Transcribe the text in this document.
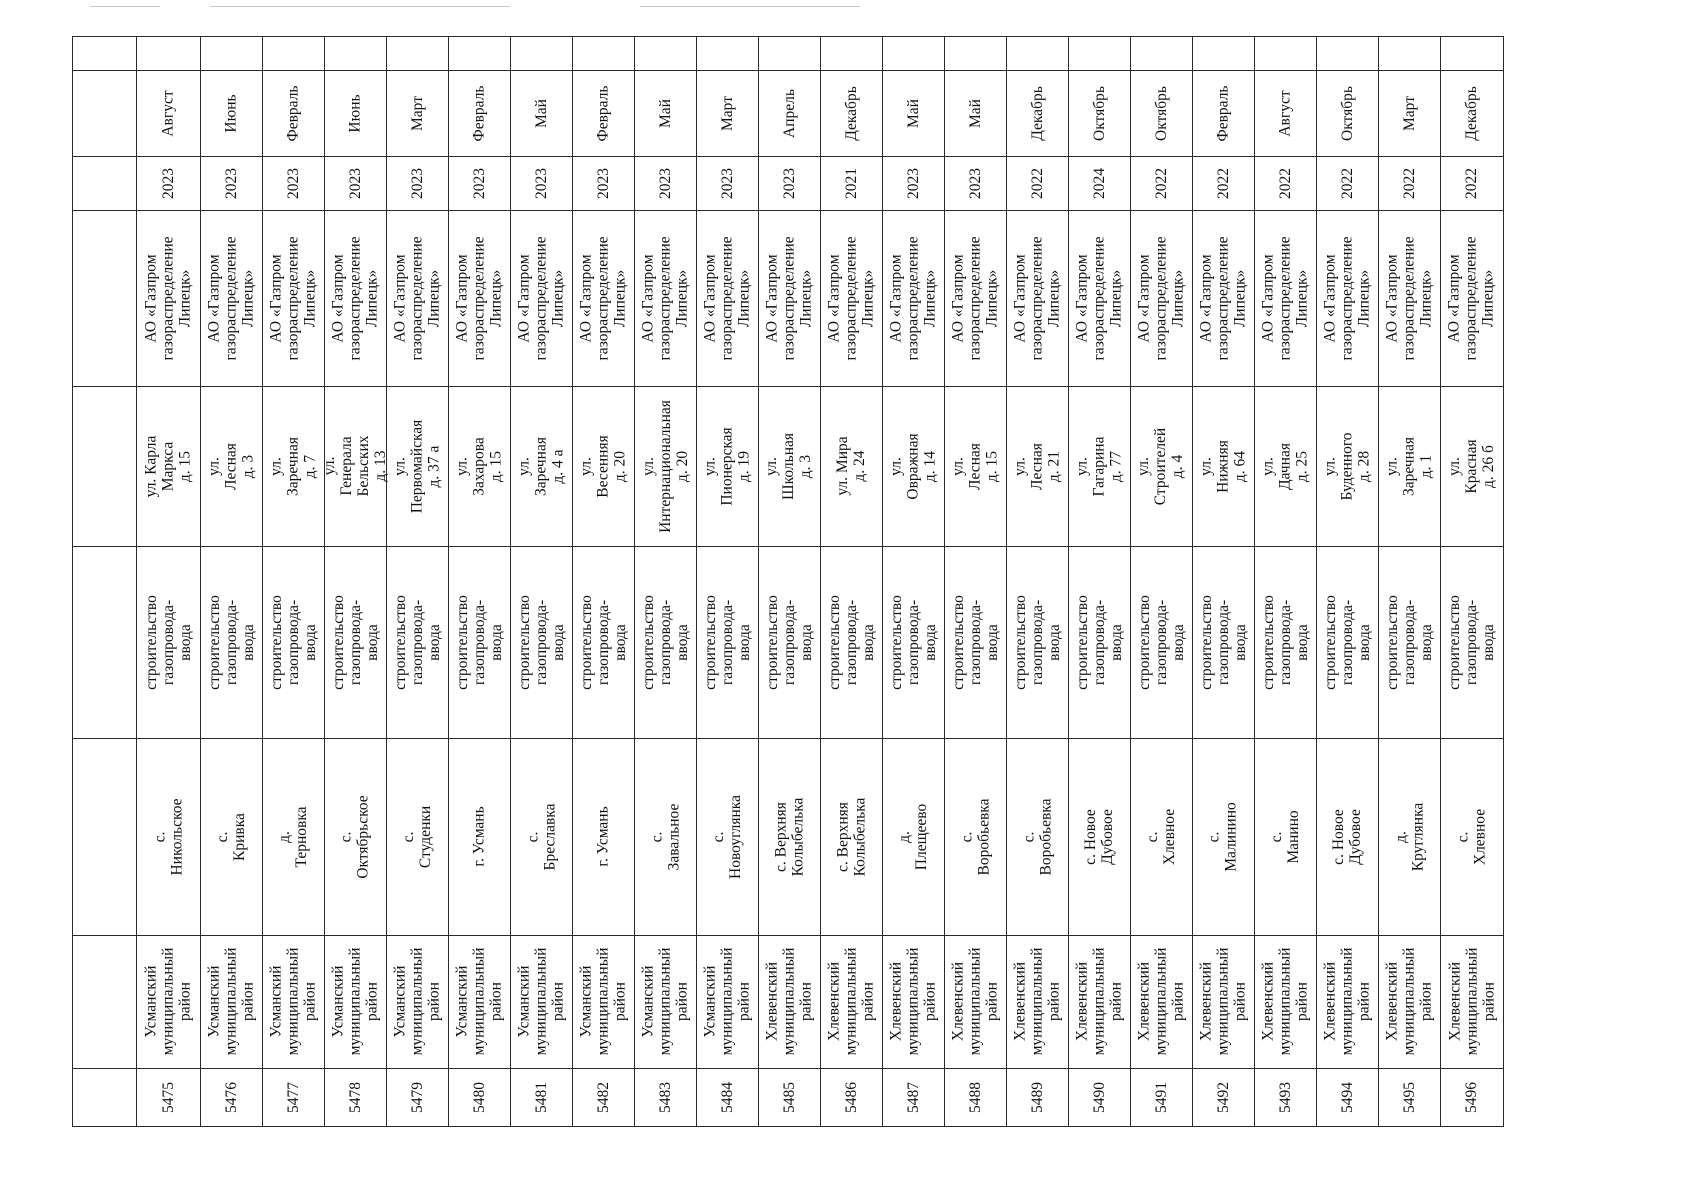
Август
2023
АО «Газпром газораспределение Липецк»
ул. Карла Маркса д. 15
строительство газопровода-ввода
с. Никольское
Усманский муниципальный район
5475
Июнь
2023
АО «Газпром газораспределение Липецк»
ул. Лесная д. 3
строительство газопровода-ввода
с. Кривка
Усманский муниципальный район
5476
Февраль
2023
АО «Газпром газораспределение Липецк»
ул. Заречная д. 7
строительство газопровода-ввода
д. Терновка
Усманский муниципальный район
5477
Июнь
2023
АО «Газпром газораспределение Липецк»
ул. Генерала Бельских д. 13
строительство газопровода-ввода
с. Октябрьское
Усманский муниципальный район
5478
Март
2023
АО «Газпром газораспределение Липецк»
ул. Первомайская д. 37 а
строительство газопровода-ввода
с. Студенки
Усманский муниципальный район
5479
Февраль
2023
АО «Газпром газораспределение Липецк»
ул. Захарова д. 15
строительство газопровода-ввода
г. Усмань
Усманский муниципальный район
5480
Май
2023
АО «Газпром газораспределение Липецк»
ул. Заречная д. 4 а
строительство газопровода-ввода
с. Бреславка
Усманский муниципальный район
5481
Февраль
2023
АО «Газпром газораспределение Липецк»
ул. Весенняя д. 20
строительство газопровода-ввода
г. Усмань
Усманский муниципальный район
5482
Май
2023
АО «Газпром газораспределение Липецк»
ул. Интернациональная д. 20
строительство газопровода-ввода
с. Завальное
Усманский муниципальный район
5483
Март
2023
АО «Газпром газораспределение Липецк»
ул. Пионерская д. 19
строительство газопровода-ввода
с. Новоуглянка
Усманский муниципальный район
5484
Апрель
2023
АО «Газпром газораспределение Липецк»
ул. Школьная д. 3
строительство газопровода-ввода
с. Верхняя Колыбелька
Хлевенский муниципальный район
5485
Декабрь
2021
АО «Газпром газораспределение Липецк»
ул. Мира д. 24
строительство газопровода-ввода
с. Верхняя Колыбелька
Хлевенский муниципальный район
5486
Май
2023
АО «Газпром газораспределение Липецк»
ул. Овражная д. 14
строительство газопровода-ввода
д. Плещеево
Хлевенский муниципальный район
5487
Май
2023
АО «Газпром газораспределение Липецк»
ул. Лесная д. 15
строительство газопровода-ввода
с. Воробьевка
Хлевенский муниципальный район
5488
Декабрь
2022
АО «Газпром газораспределение Липецк»
ул. Лесная д. 21
строительство газопровода-ввода
с. Воробьевка
Хлевенский муниципальный район
5489
Октябрь
2024
АО «Газпром газораспределение Липецк»
ул. Гагарина д. 77
строительство газопровода-ввода
с. Новое Дубовое
Хлевенский муниципальный район
5490
Октябрь
2022
АО «Газпром газораспределение Липецк»
ул. Строителей д. 4
строительство газопровода-ввода
с. Хлевное
Хлевенский муниципальный район
5491
Февраль
2022
АО «Газпром газораспределение Липецк»
ул. Нижняя д. 64
строительство газопровода-ввода
с. Малинино
Хлевенский муниципальный район
5492
Август
2022
АО «Газпром газораспределение Липецк»
ул. Дачная д. 25
строительство газопровода-ввода
с. Манино
Хлевенский муниципальный район
5493
Октябрь
2022
АО «Газпром газораспределение Липецк»
ул. Буденного д. 28
строительство газопровода-ввода
с. Новое Дубовое
Хлевенский муниципальный район
5494
Март
2022
АО «Газпром газораспределение Липецк»
ул. Заречная д. 1
строительство газопровода-ввода
д. Круглянка
Хлевенский муниципальный район
5495
Декабрь
2022
АО «Газпром газораспределение Липецк»
ул. Красная д. 26 б
строительство газопровода-ввода
с. Хлевное
Хлевенский муниципальный район
5496
